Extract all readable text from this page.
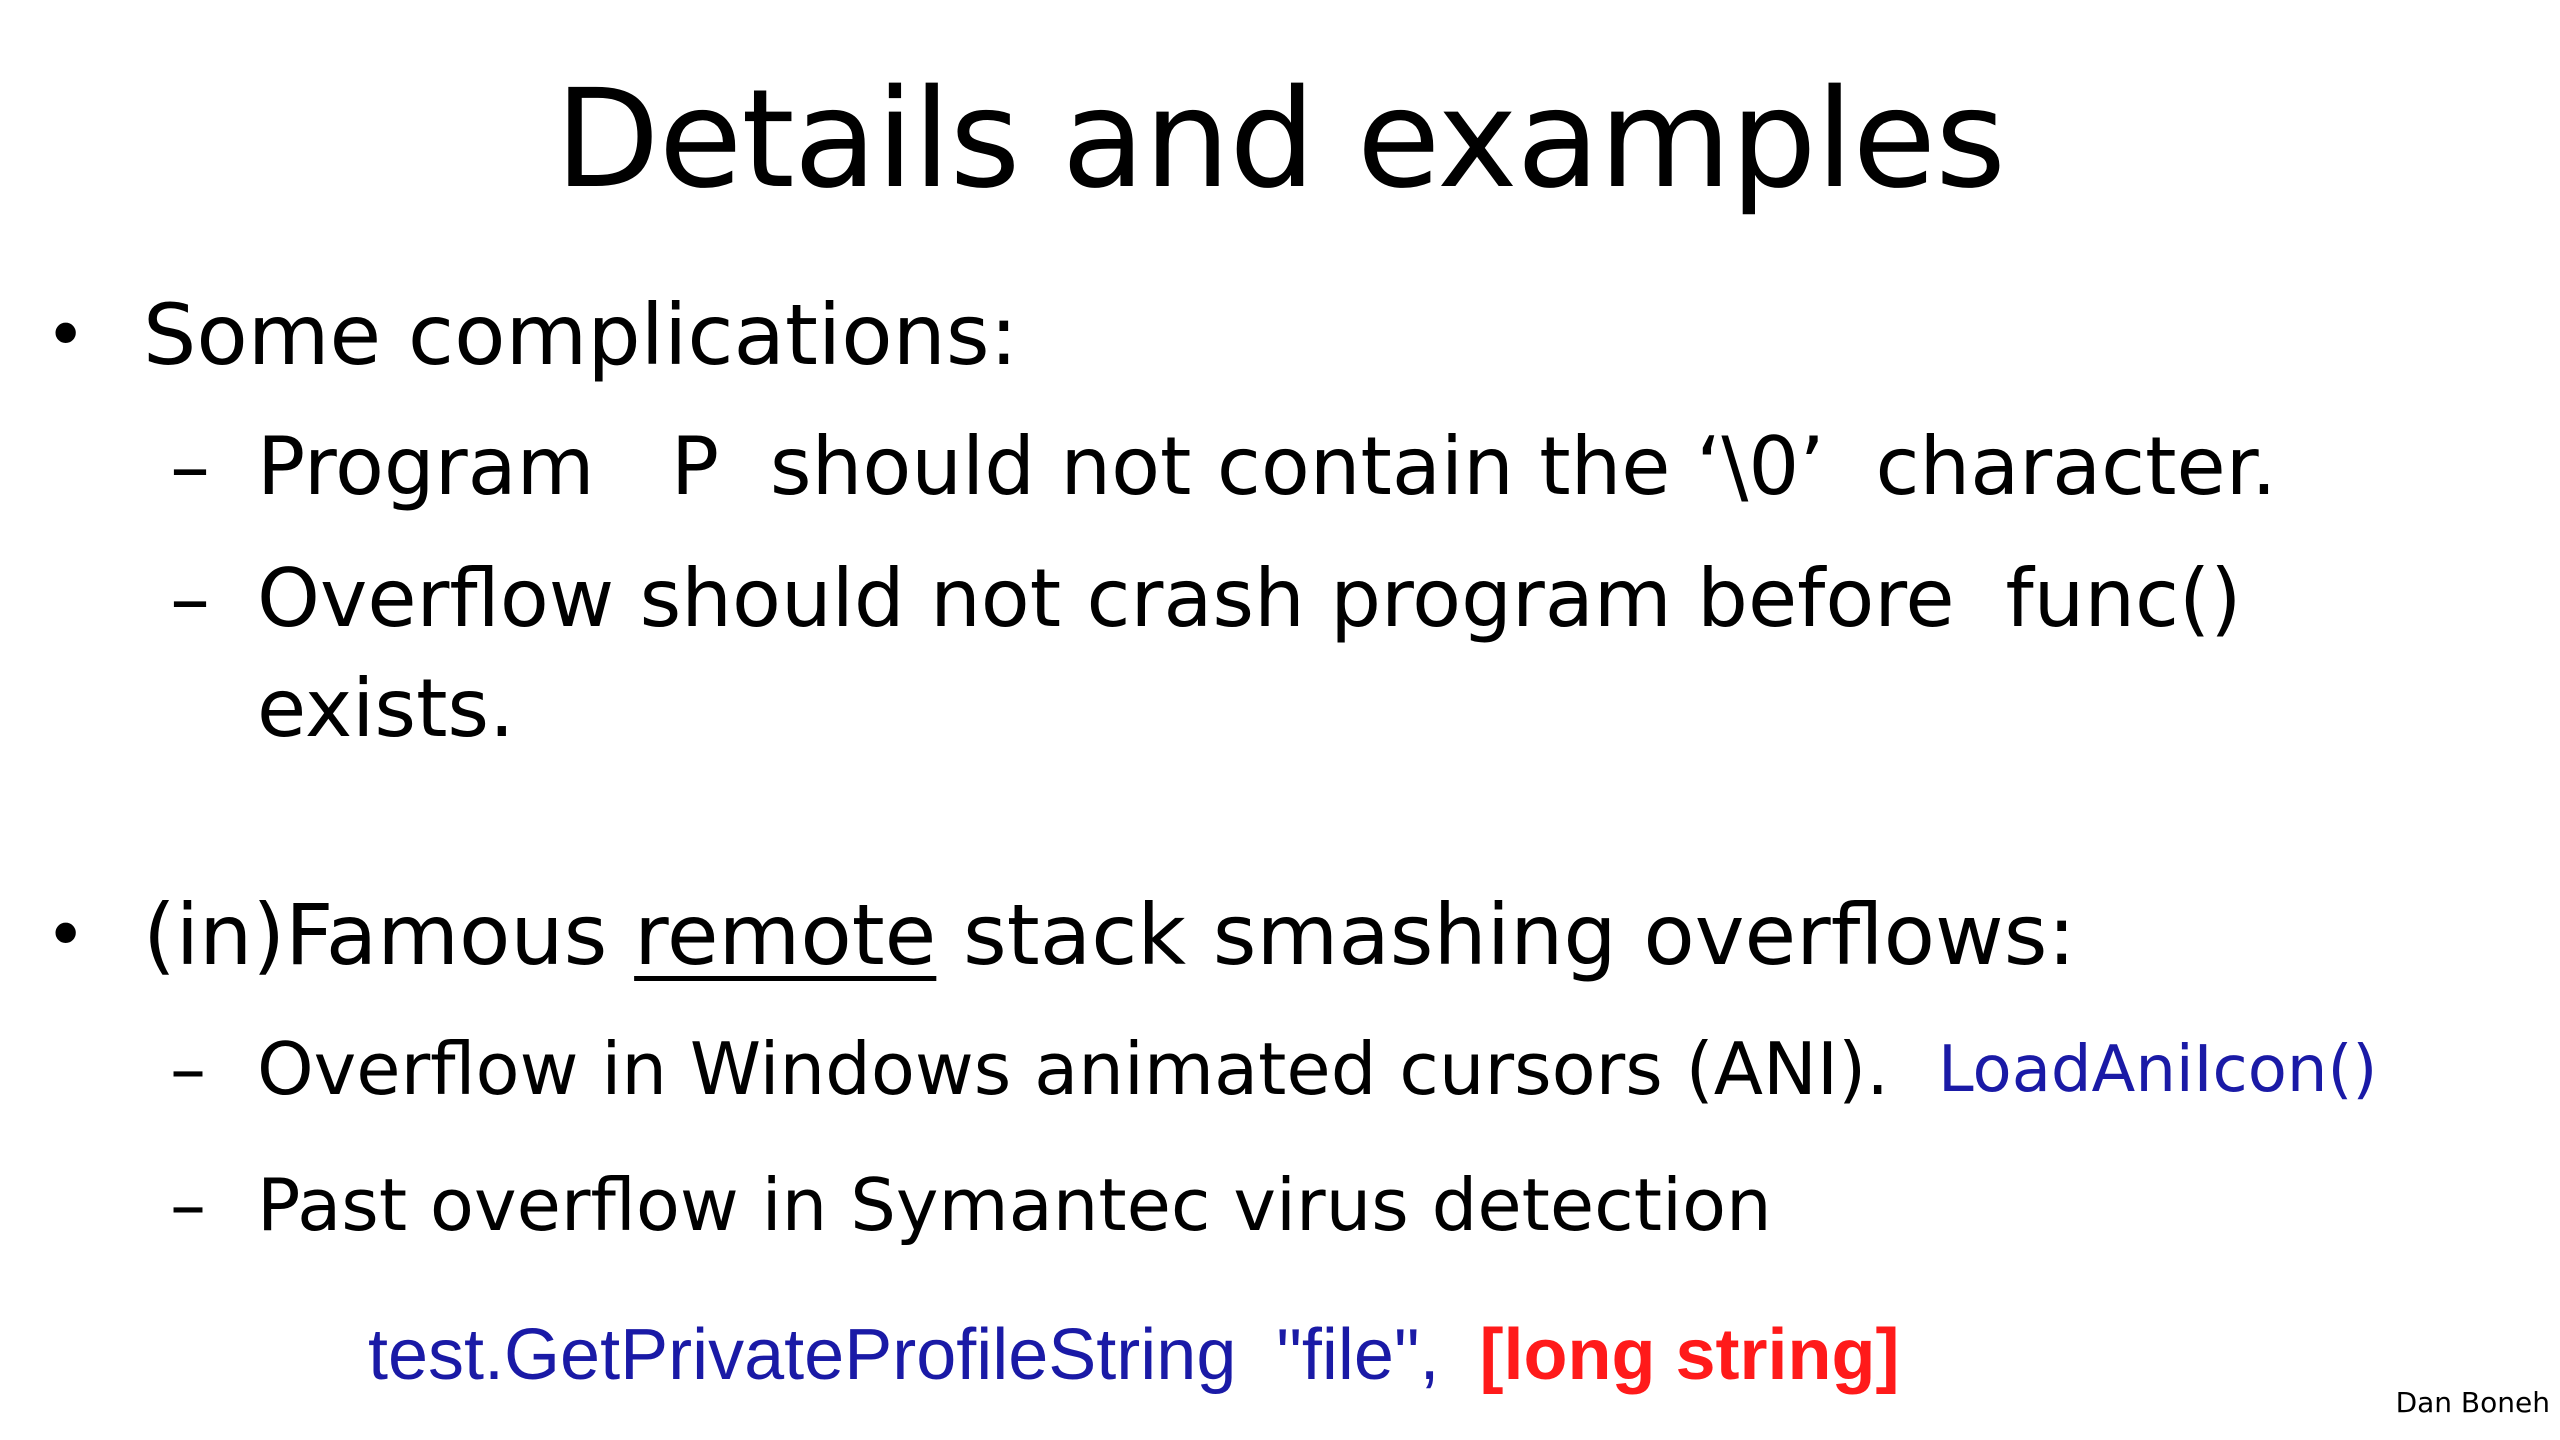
Details and examples
• Some complications:
– Program   P  should not contain the ‘\0’  character.
– Overflow should not crash program before  func()
exists.
• (in)Famous remote stack smashing overflows:
– Overflow in Windows animated cursors (ANI). LoadAniIcon()
– Past overflow in Symantec virus detection
test.GetPrivateProfileString  "file",  [long string]
Dan Boneh
